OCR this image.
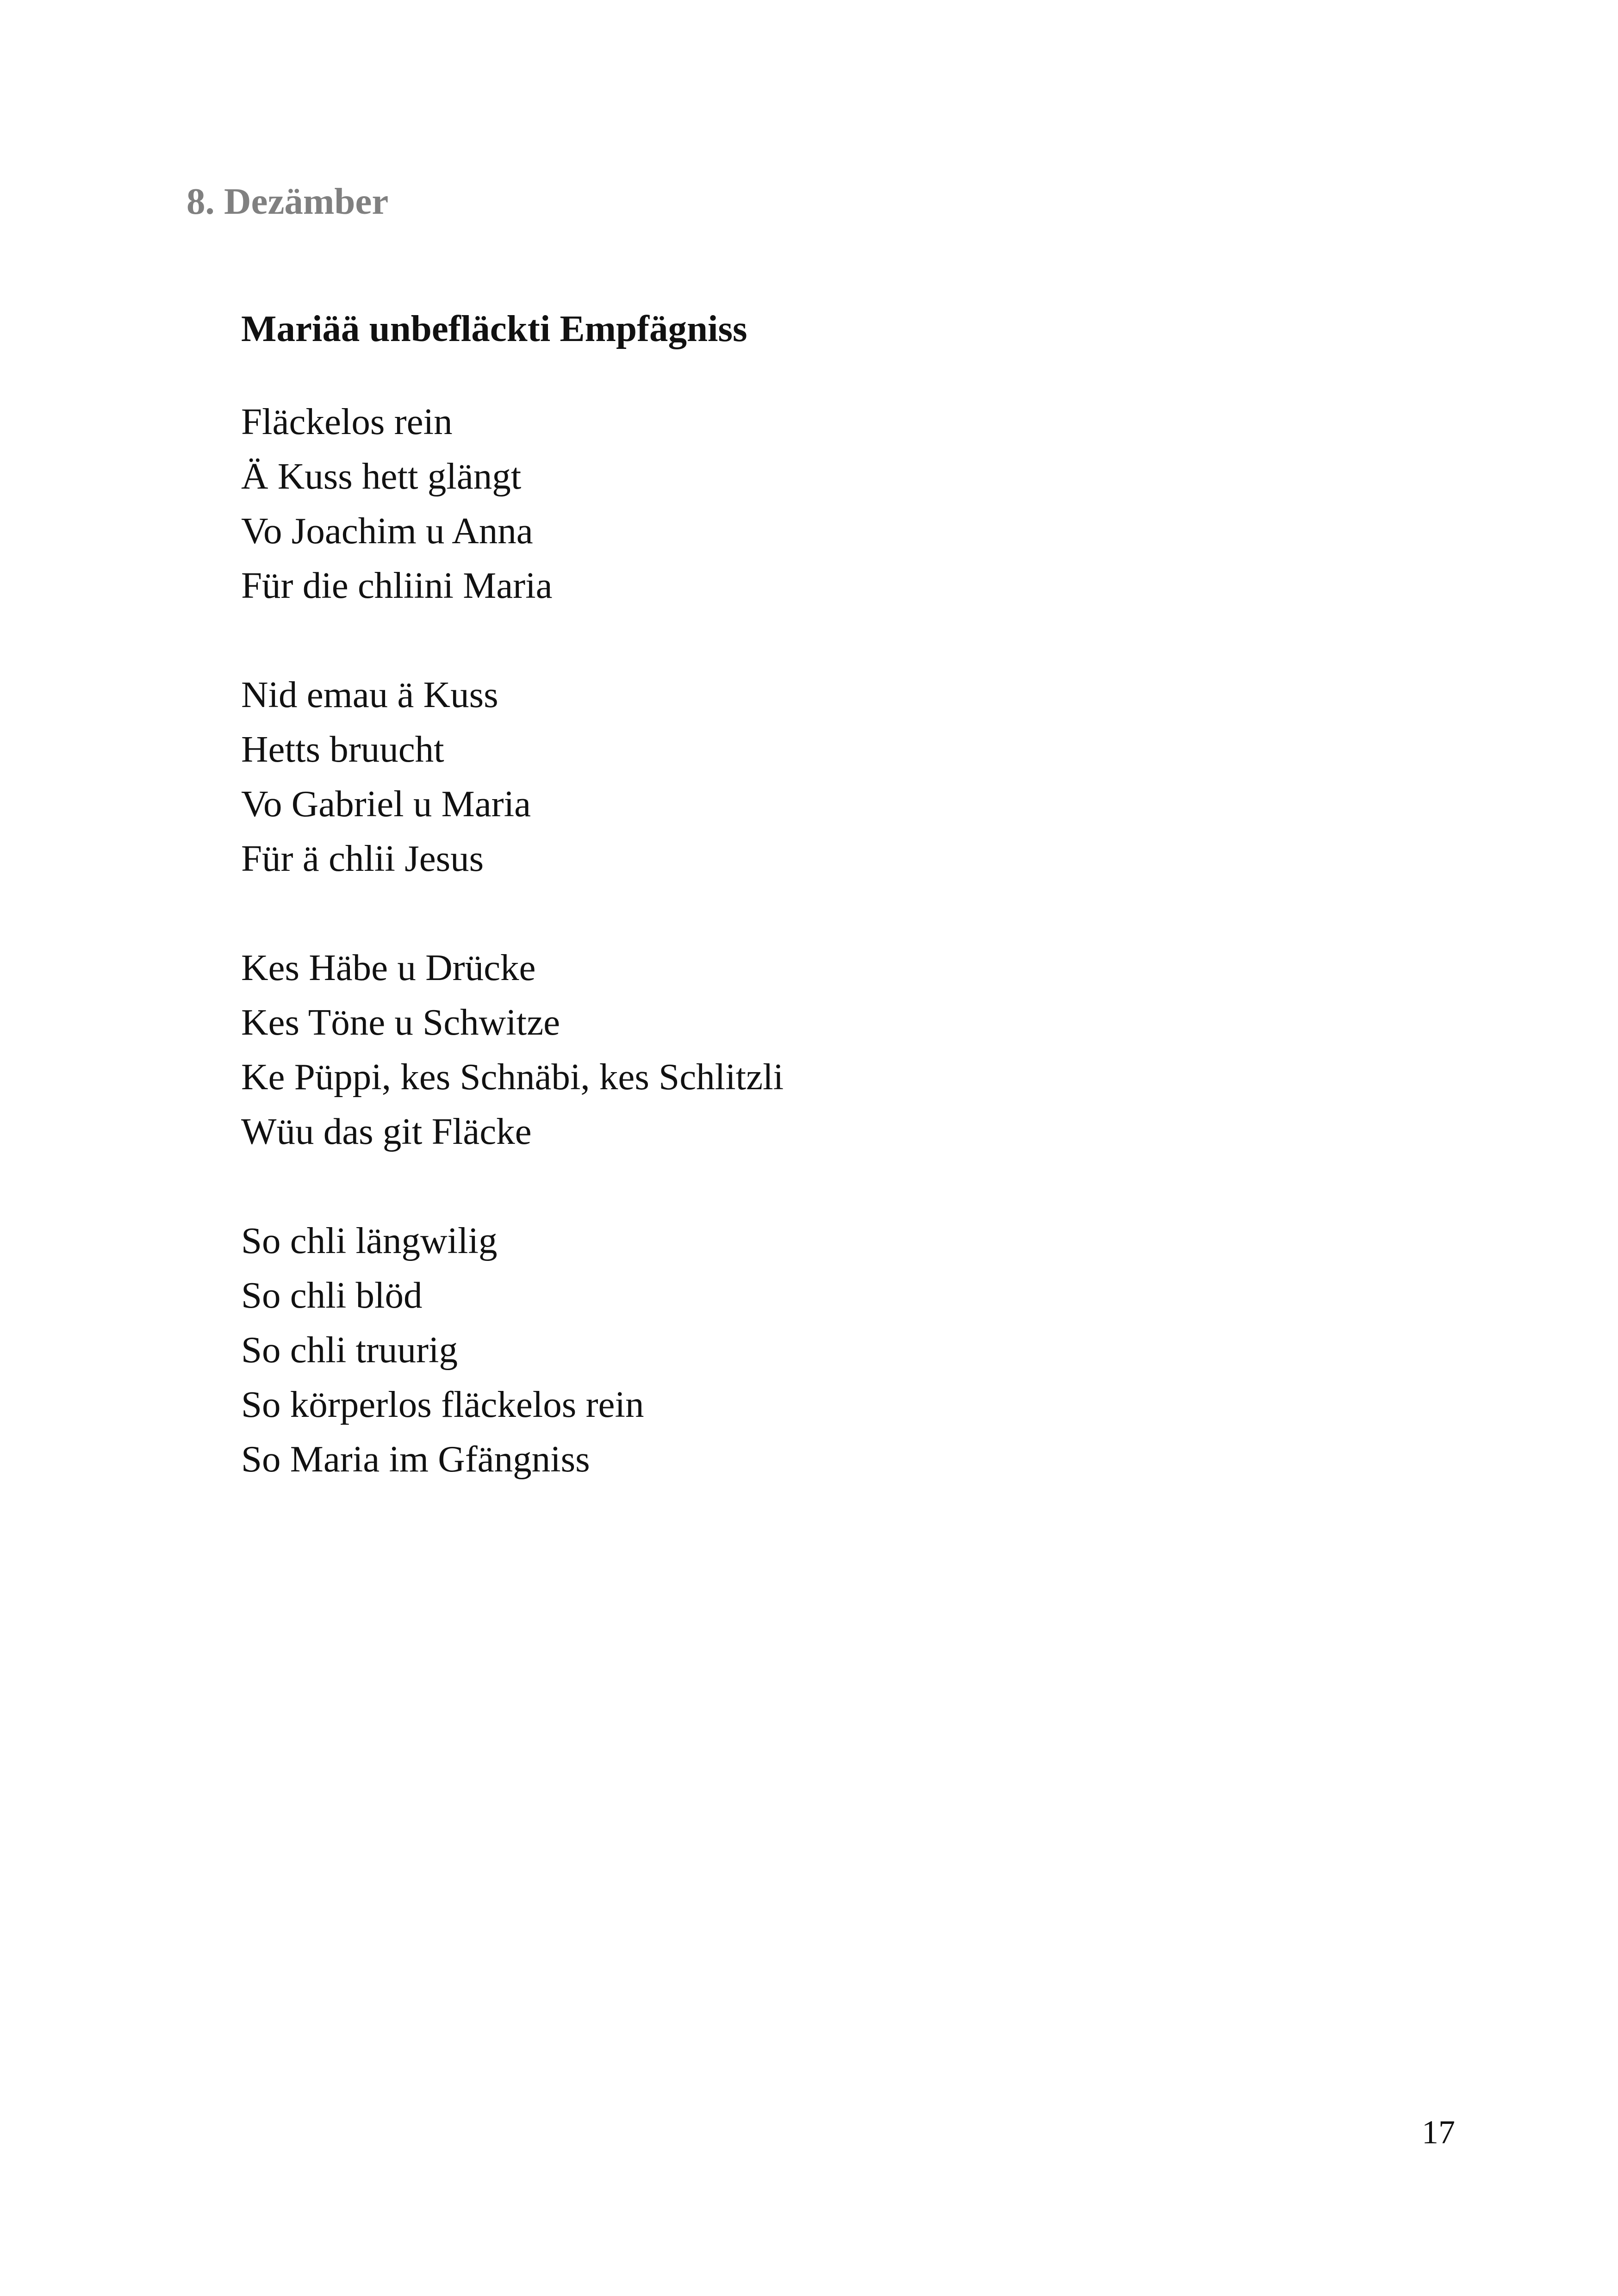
8. Dezämber
Mariää unbefläckti Empfägniss
Fläckelos rein
Ä Kuss hett glängt
Vo Joachim u Anna
Für die chliini Maria
Nid emau ä Kuss
Hetts bruucht
Vo Gabriel u Maria
Für ä chlii Jesus
Kes Häbe u Drücke
Kes Töne u Schwitze
Ke Püppi, kes Schnäbi, kes Schlitzli
Wüu das git Fläcke
So chli längwilig
So chli blöd
So chli truurig
So körperlos fläckelos rein
So Maria im Gfängniss

17
